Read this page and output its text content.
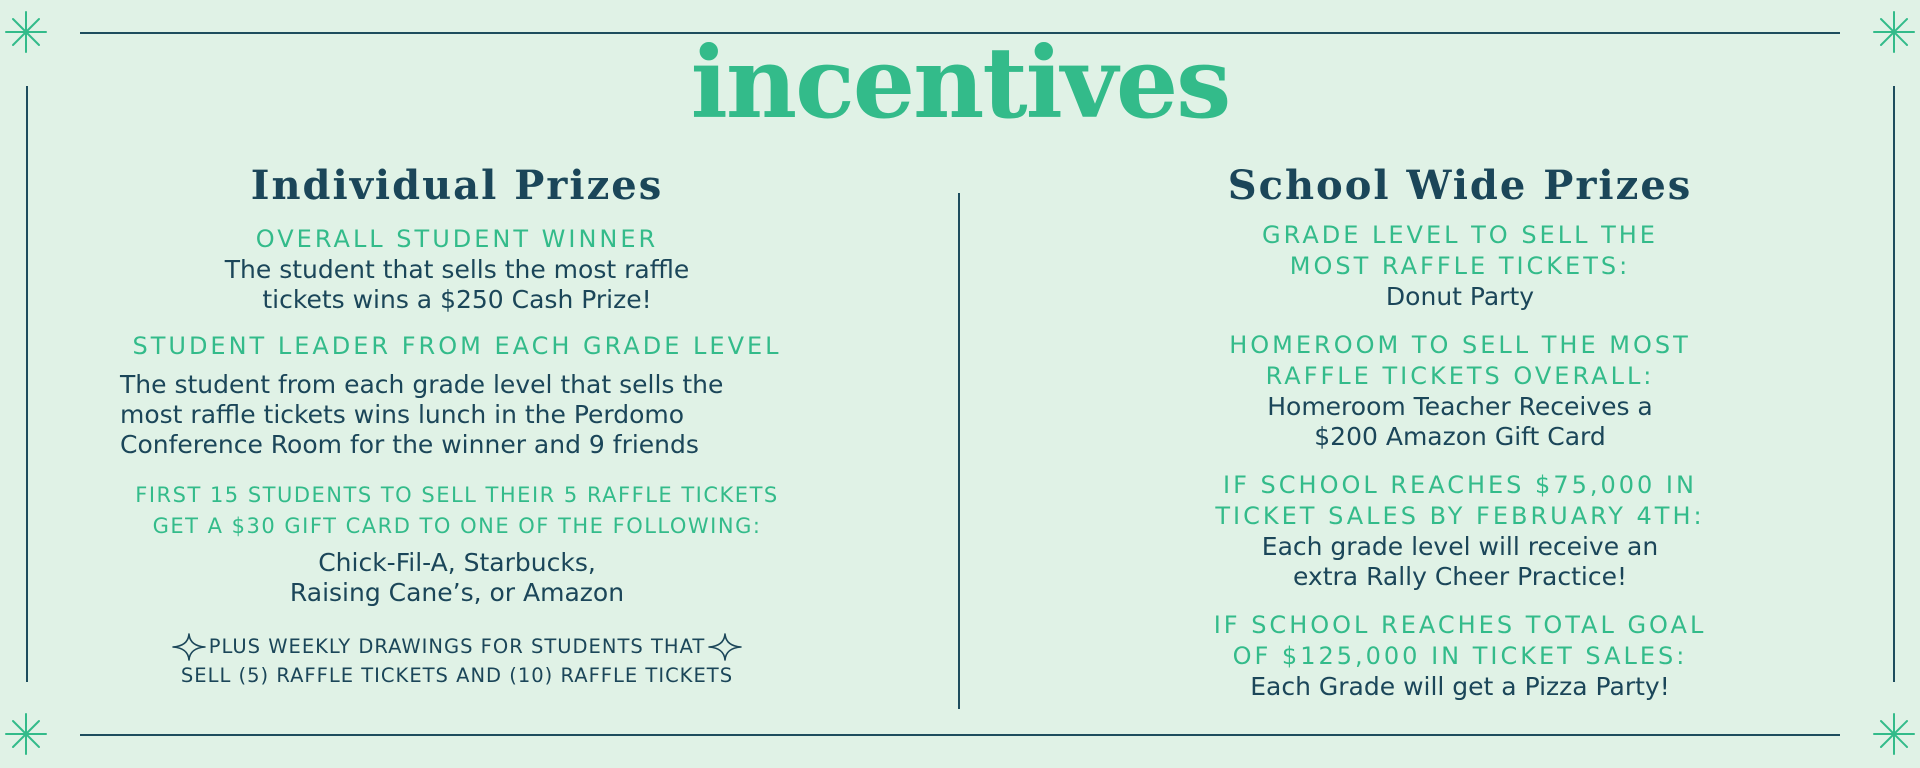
incentives
Individual Prizes
OVERALL STUDENT WINNER
The student that sells the most raffle
tickets wins a $250 Cash Prize!
STUDENT LEADER FROM EACH GRADE LEVEL
The student from each grade level that sells the
most raffle tickets wins lunch in the Perdomo
Conference Room for the winner and 9 friends
FIRST 15 STUDENTS TO SELL THEIR 5 RAFFLE TICKETS
GET A $30 GIFT CARD TO ONE OF THE FOLLOWING:
Chick-Fil-A, Starbucks,
Raising Cane’s, or Amazon
PLUS WEEKLY DRAWINGS FOR STUDENTS THAT
SELL (5) RAFFLE TICKETS AND (10) RAFFLE TICKETS
School Wide Prizes
GRADE LEVEL TO SELL THE
MOST RAFFLE TICKETS:
Donut Party
HOMEROOM TO SELL THE MOST
RAFFLE TICKETS OVERALL:
Homeroom Teacher Receives a
$200 Amazon Gift Card
IF SCHOOL REACHES $75,000 IN
TICKET SALES BY FEBRUARY 4TH:
Each grade level will receive an
extra Rally Cheer Practice!
IF SCHOOL REACHES TOTAL GOAL
OF $125,000 IN TICKET SALES:
Each Grade will get a Pizza Party!
